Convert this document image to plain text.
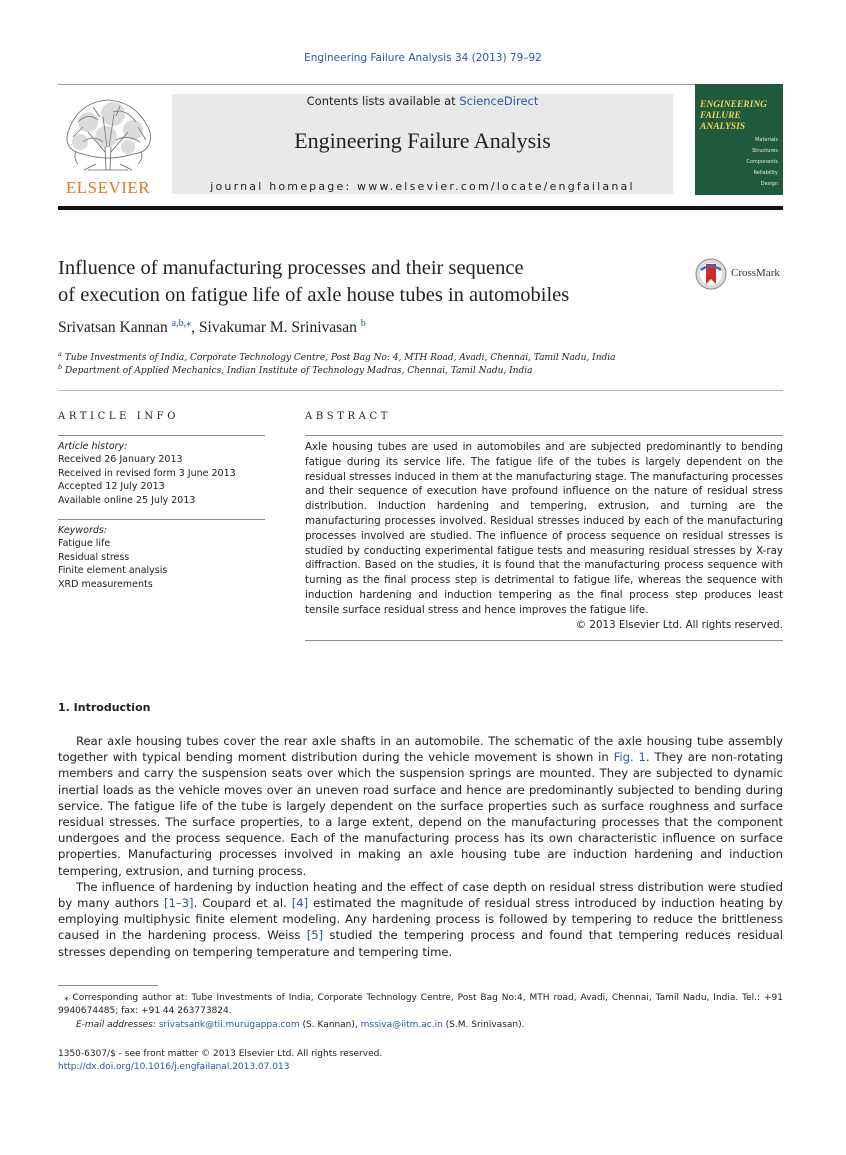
Engineering Failure Analysis 34 (2013) 79–92
ELSEVIER
Contents lists available at ScienceDirect
Engineering Failure Analysis
journal homepage: www.elsevier.com/locate/engfailanal
ENGINEERING
FAILURE
ANALYSIS
Materials
Structures
Components
Reliability
Design
Influence of manufacturing processes and their sequence
of execution on fatigue life of axle house tubes in automobiles
CrossMark
Srivatsan Kannan $^{a,b,⁎}$, Sivakumar M. Srinivasan $^b$
$^a$ Tube Investments of India, Corporate Technology Centre, Post Bag No: 4, MTH Road, Avadi, Chennai, Tamil Nadu, India
$^b$ Department of Applied Mechanics, Indian Institute of Technology Madras, Chennai, Tamil Nadu, India
ARTICLE INFO
Article history:
Received 26 January 2013
Received in revised form 3 June 2013
Accepted 12 July 2013
Available online 25 July 2013
Keywords:
Fatigue life
Residual stress
Finite element analysis
XRD measurements
ABSTRACT
Axle housing tubes are used in automobiles and are subjected predominantly to bending fatigue during its service life. The fatigue life of the tubes is largely dependent on the residual stresses induced in them at the manufacturing stage. The manufacturing processes and their sequence of execution have profound influence on the nature of residual stress distribution. Induction hardening and tempering, extrusion, and turning are the manufacturing processes involved. Residual stresses induced by each of the manufacturing processes involved are studied. The influence of process sequence on residual stresses is studied by conducting experimental fatigue tests and measuring residual stresses by X-ray diffraction. Based on the studies, it is found that the manufacturing process sequence with turning as the final process step is detrimental to fatigue life, whereas the sequence with induction hardening and induction tempering as the final process step produces least tensile surface residual stress and hence improves the fatigue life.
© 2013 Elsevier Ltd. All rights reserved.
1. Introduction

Rear axle housing tubes cover the rear axle shafts in an automobile. The schematic of the axle housing tube assembly together with typical bending moment distribution during the vehicle movement is shown in Fig. 1. They are non-rotating members and carry the suspension seats over which the suspension springs are mounted. They are subjected to dynamic inertial loads as the vehicle moves over an uneven road surface and hence are predominantly subjected to bending during service. The fatigue life of the tube is largely dependent on the surface properties such as surface roughness and surface residual stresses. The surface properties, to a large extent, depend on the manufacturing processes that the component undergoes and the process sequence. Each of the manufacturing process has its own characteristic influence on surface properties. Manufacturing processes involved in making an axle housing tube are induction hardening and induction tempering, extrusion, and turning process.

The influence of hardening by induction heating and the effect of case depth on residual stress distribution were studied by many authors [1–3]. Coupard et al. [4] estimated the magnitude of residual stress introduced by induction heating by employing multiphysic finite element modeling. Any hardening process is followed by tempering to reduce the brittleness caused in the hardening process. Weiss [5] studied the tempering process and found that tempering reduces residual stresses depending on tempering temperature and tempering time.

⁎ Corresponding author at: Tube Investments of India, Corporate Technology Centre, Post Bag No:4, MTH road, Avadi, Chennai, Tamil Nadu, India. Tel.: +91 9940674485; fax: +91 44 263773824.
E-mail addresses: srivatsank@tii.murugappa.com (S. Kannan), mssiva@iitm.ac.in (S.M. Srinivasan).
1350-6307/$ - see front matter © 2013 Elsevier Ltd. All rights reserved.
http://dx.doi.org/10.1016/j.engfailanal.2013.07.013
